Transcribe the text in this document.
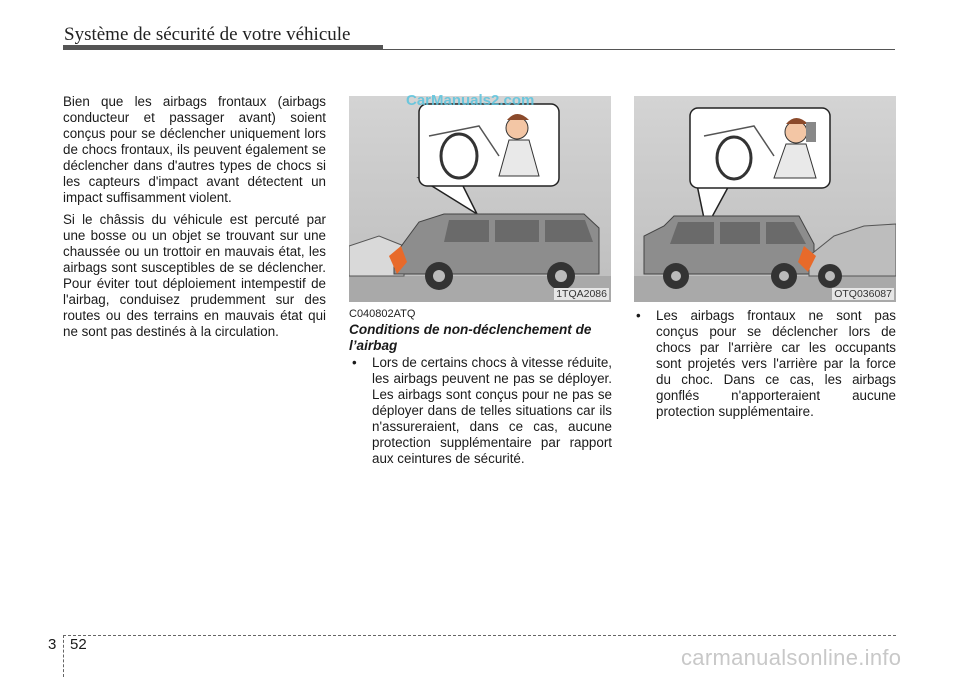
Système de sécurité de votre véhicule

Bien que les airbags frontaux (airbags conducteur et passager avant) soient conçus pour se déclencher uniquement lors de chocs frontaux, ils peuvent également se déclencher dans d'autres types de chocs si les capteurs d'impact avant détectent un impact suffisamment violent.

Si le châssis du véhicule est percuté par une bosse ou un objet se trouvant sur une chaussée ou un trottoir en mauvais état, les airbags sont susceptibles de se déclencher. Pour éviter tout déploiement intempestif de l'airbag, conduisez prudemment sur des routes ou des terrains en mauvais état qui ne sont pas destinés à la circulation.

1TQA2086
CarManuals2.com
OTQ036087
C040802ATQ
Conditions de non-déclenchement de l’airbag
• Lors de certains chocs à vitesse réduite, les airbags peuvent ne pas se déployer. Les airbags sont conçus pour ne pas se déployer dans de telles situations car ils n'assureraient, dans ce cas, aucune protection supplémentaire par rapport aux ceintures de sécurité.
• Les airbags frontaux ne sont pas conçus pour se déclencher lors de chocs par l'arrière car les occupants sont projetés vers l'arrière par la force du choc. Dans ce cas, les airbags gonflés n'apporteraient aucune protection supplémentaire.
3 52
carmanualsonline.info
